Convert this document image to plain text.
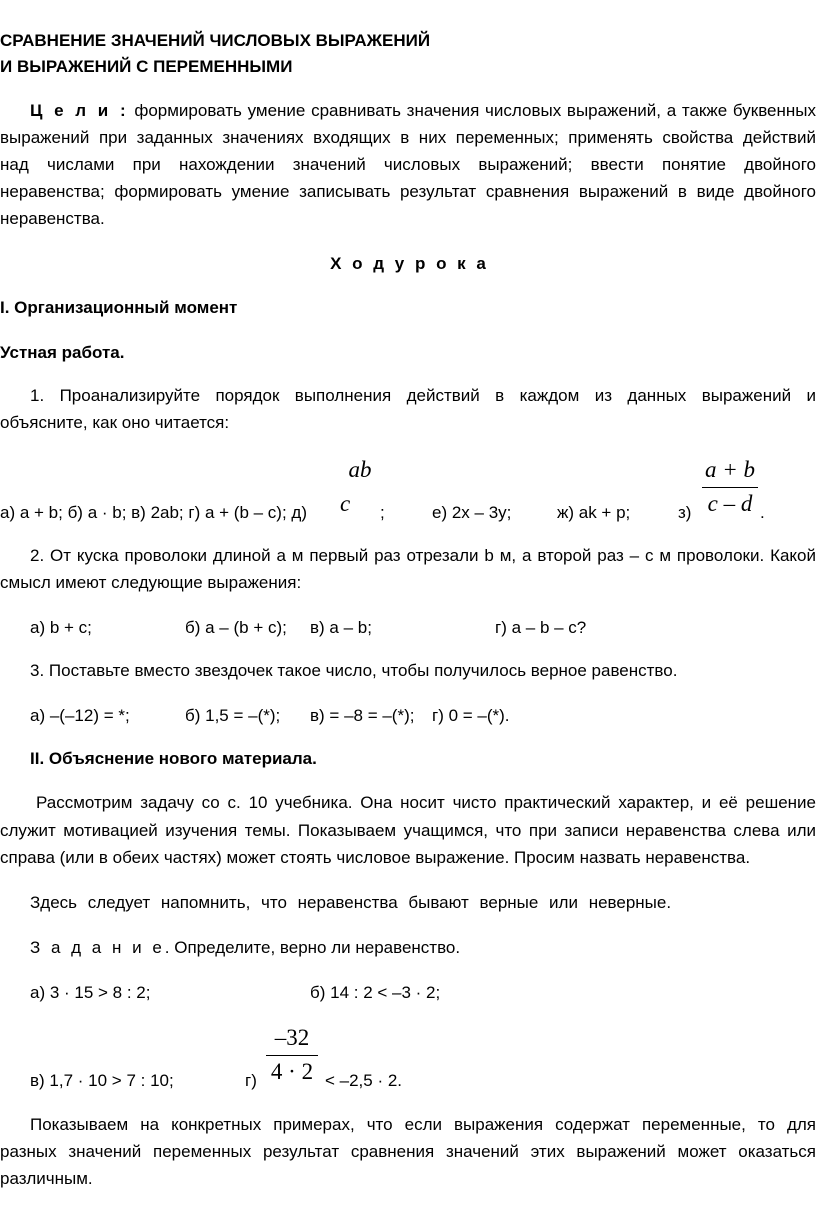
СРАВНЕНИЕ ЗНАЧЕНИЙ ЧИСЛОВЫХ ВЫРАЖЕНИЙ
И ВЫРАЖЕНИЙ С ПЕРЕМЕННЫМИ
Ц е л и : формировать умение сравнивать значения числовых выражений, а также буквенных
выражений при заданных значениях входящих в них переменных; применять свойства действий
над числами при нахождении значений числовых выражений; ввести понятие двойного
неравенства; формировать умение записывать результат сравнения выражений в виде двойного
неравенства.
Х о д у р о к а
I. Организационный момент
Устная работа.
1. Проанализируйте порядок выполнения действий в каждом из данных выражений и
объясните, как оно читается:
а) a + b; б) a · b; в) 2ab; г) a + (b – c); д)
ab
c	;	е) 2x – 3y;	ж) ak + p;	з)
a + b
c – d .
2. От куска проволоки длиной a м первый раз отрезали b м, а второй раз – c м проволоки. Какой
смысл имеют следующие выражения:
а) b + c;	б) a – (b + c); в) a – b;	г) a – b – c?
3. Поставьте вместо звездочек такое число, чтобы получилось верное равенство.
а) –(–12) = *;	б) 1,5 = –(*); в) = –8 = –(*); г) 0 = –(*).
II. Объяснение нового материала.
Рассмотрим задачу со с. 10 учебника. Она носит чисто практический характер, и её решение
служит мотивацией изучения темы. Показываем учащимся, что при записи неравенства слева или
справа (или в обеих частях) может стоять числовое выражение. Просим назвать неравенства.
Здесь следует напомнить, что неравенства бывают верные или неверные.
З а д а н и е. Определите, верно ли неравенство.
а) 3 · 15 > 8 : 2;	б) 14 : 2 < –3 · 2;
в) 1,7 · 10 > 7 : 10;	г)
–32
4 · 2 < –2,5 · 2.
Показываем на конкретных примерах, что если выражения содержат переменные, то для
разных значений переменных результат сравнения значений этих выражений может оказаться
различным.
